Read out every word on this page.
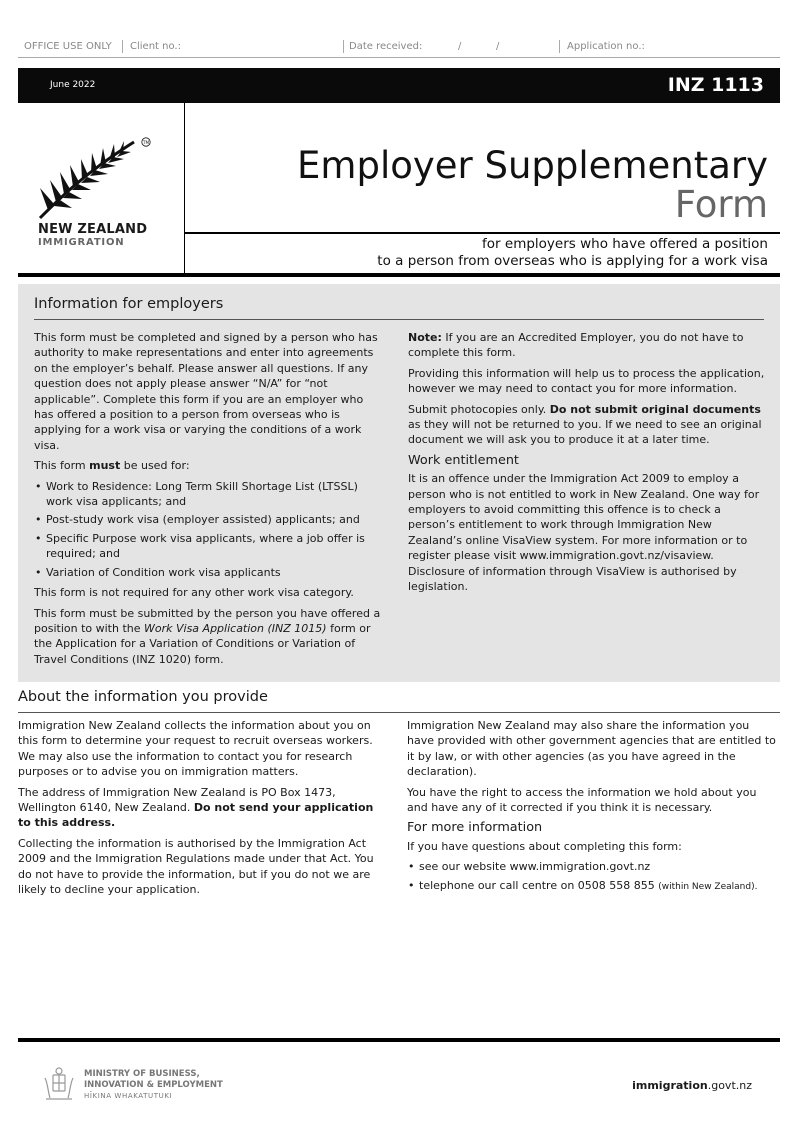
OFFICE USE ONLY Client no.:	Date received:	/	/	Application no.:
June 2022	INZ 1113
NEW ZEALAND
IMMIGRATION
TM
Employer Supplementary
Form
for employers who have offered a position
to a person from overseas who is applying for a work visa
Information for employers

This form must be completed and signed by a person who has authority to make representations and enter into agreements on the employer’s behalf. Please answer all questions. If any question does not apply please answer “N/A” for “not applicable”. Complete this form if you are an employer who has offered a position to a person from overseas who is applying for a work visa or varying the conditions of a work visa.

This form must be used for:

• Work to Residence: Long Term Skill Shortage List (LTSSL) work visa applicants; and
• Post-study work visa (employer assisted) applicants; and
• Specific Purpose work visa applicants, where a job offer is required; and
• Variation of Condition work visa applicants

This form is not required for any other work visa category.

This form must be submitted by the person you have offered a position to with the Work Visa Application (INZ 1015) form or the Application for a Variation of Conditions or Variation of Travel Conditions (INZ 1020) form.

Note: If you are an Accredited Employer, you do not have to complete this form.

Providing this information will help us to process the application, however we may need to contact you for more information.

Submit photocopies only. Do not submit original documents as they will not be returned to you. If we need to see an original document we will ask you to produce it at a later time.

Work entitlement

It is an offence under the Immigration Act 2009 to employ a person who is not entitled to work in New Zealand. One way for employers to avoid committing this offence is to check a person’s entitlement to work through Immigration New Zealand’s online VisaView system. For more information or to register please visit www.immigration.govt.nz/visaview. Disclosure of information through VisaView is authorised by legislation.

About the information you provide

Immigration New Zealand collects the information about you on this form to determine your request to recruit overseas workers. We may also use the information to contact you for research purposes or to advise you on immigration matters.

The address of Immigration New Zealand is PO Box 1473, Wellington 6140, New Zealand. Do not send your application to this address.

Collecting the information is authorised by the Immigration Act 2009 and the Immigration Regulations made under that Act. You do not have to provide the information, but if you do not we are likely to decline your application.

Immigration New Zealand may also share the information you have provided with other government agencies that are entitled to it by law, or with other agencies (as you have agreed in the declaration).

You have the right to access the information we hold about you and have any of it corrected if you think it is necessary.

For more information

If you have questions about completing this form:

• see our website www.immigration.govt.nz
• telephone our call centre on 0508 558 855 (within New Zealand).
MINISTRY OF BUSINESS,
INNOVATION & EMPLOYMENT
HĪKINA WHAKATUTUKI
immigration.govt.nz
